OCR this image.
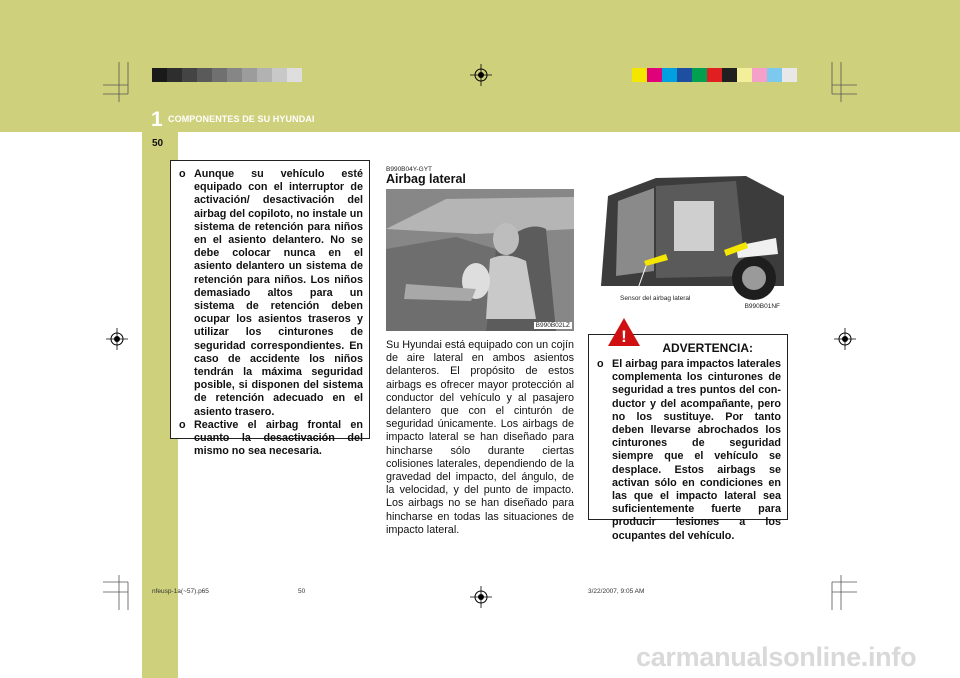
1 COMPONENTES DE SU HYUNDAI
50
o Aunque su vehículo esté equipado con el interruptor de activación/ desactivación del airbag del copiloto, no instale un sistema de retención para niños en el asiento delantero. No se debe colocar nunca en el asiento delantero un sistema de retención para niños. Los niños demasiado altos para un sistema de retención deben ocupar los asientos traseros y utilizar los cinturones de seguridad correspondientes. En caso de accidente los niños tendrán la máxima seguridad posible, si disponen del sistema de retención adecuado en el asiento trasero.
o Reactive el airbag frontal en cuanto la desactivación del mismo no sea necesaria.
B990B04Y-GYT
Airbag lateral
B990B02LZ
Su Hyundai está equipado con un cojín de aire lateral en ambos asientos delanteros. El propósito de estos airbags es ofrecer mayor protección al conductor del vehículo y al pasajero delantero que con el cinturón de seguridad únicamente. Los airbags de impacto lateral se han diseñado para hincharse sólo durante ciertas colisiones laterales, dependiendo de la gravedad del impacto, del ángulo, de la velocidad, y del punto de impacto. Los airbags no se han diseñado para hincharse en todas las situaciones de impacto lateral.
Sensor del airbag lateral
B990B01NF
!
ADVERTENCIA:
o El airbag para impactos laterales complementa los cinturones de seguridad a tres puntos del con- ductor y del acompañante, pero no los sustituye. Por tanto deben llevarse abrochados los cinturones de seguridad siempre que el vehículo se desplace. Estos airbags se activan sólo en condiciones en las que el impacto lateral sea suficientemente fuerte para producir lesiones a los ocupantes del vehículo.
nfeusp-1a(~57).p65	50	3/22/2007, 9:05 AM
carmanualsonline.info
